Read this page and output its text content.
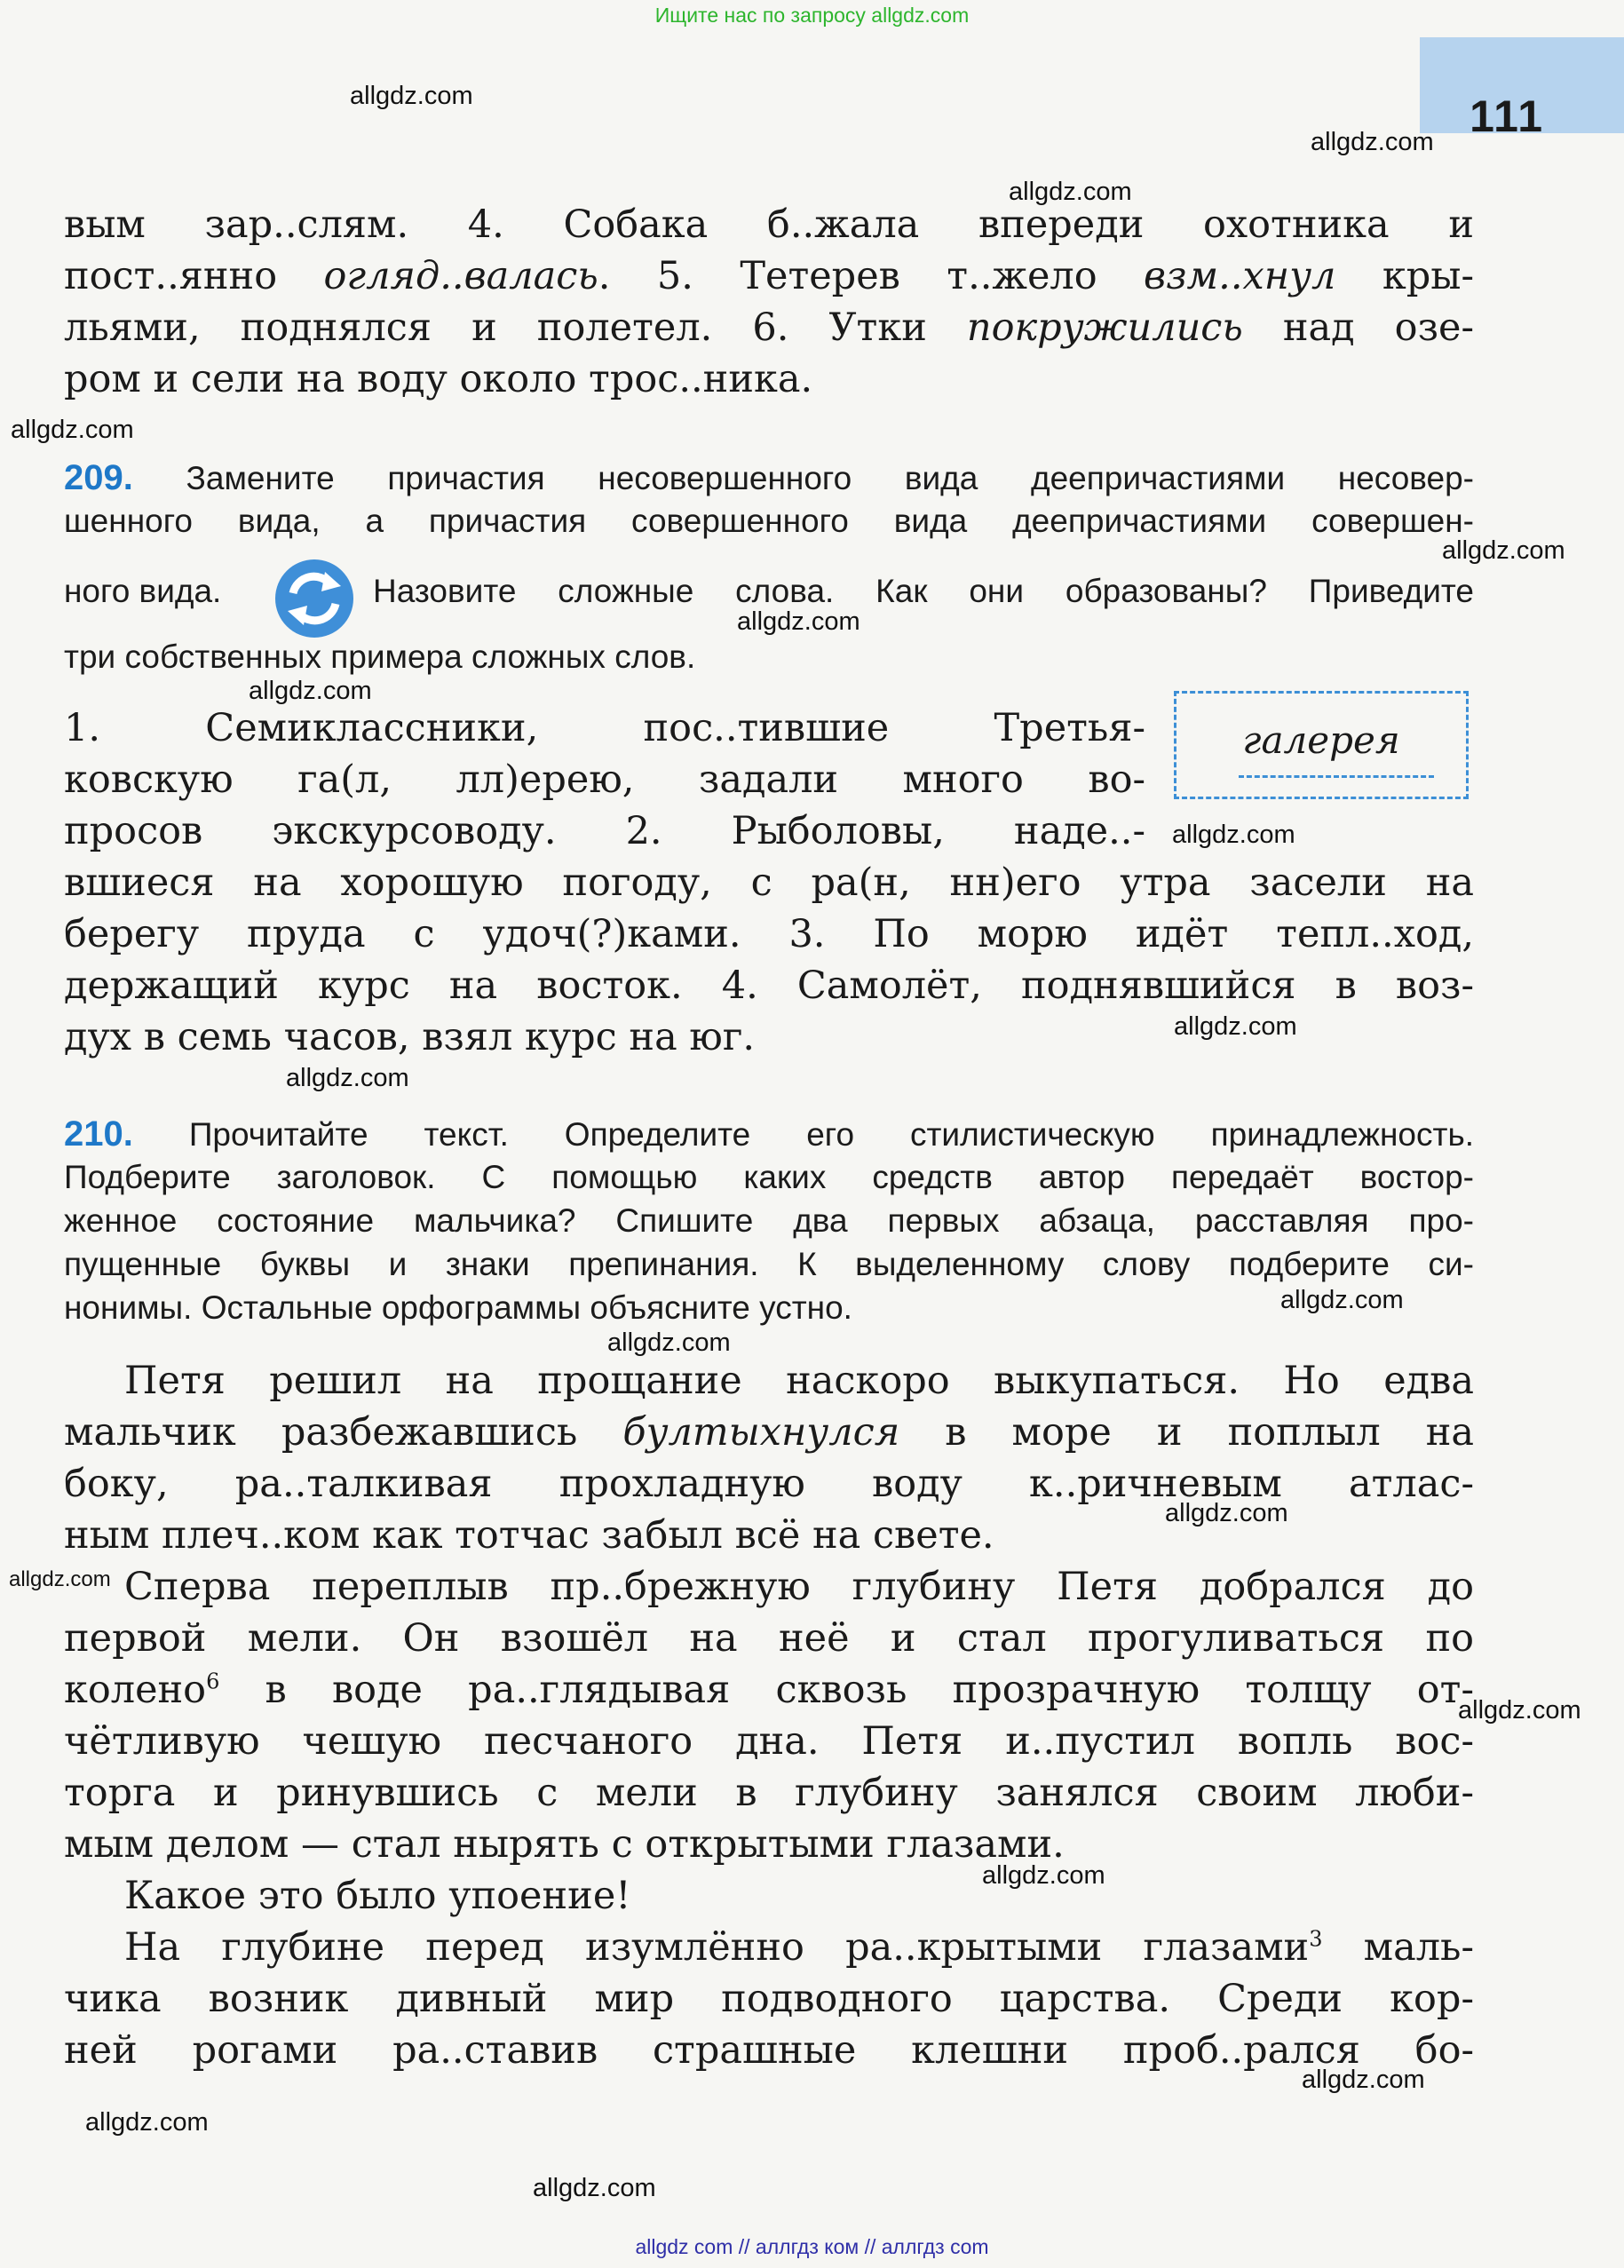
Ищите нас по запросу allgdz.com
111
вым зар..слям. 4. Собака б..жала впереди охотника и
пост..янно огляд..валась. 5. Тетерев т..жело взм..хнул кры-
льями, поднялся и полетел. 6. Утки покружились над озе-
ром и сели на воду около трос..ника.
209. Замените причастия несовершенного вида деепричастиями несовер-
шенного вида, а причастия совершенного вида деепричастиями совершен-
ного вида.	Назовите сложные слова. Как они образованы? Приведите
три собственных примера сложных слов.
галерея
1. Семиклассники, пос..тившие Третья-
ковскую га(л, лл)ерею, задали много во-
просов экскурсоводу. 2. Рыболовы, наде..-
вшиеся на хорошую погоду, с ра(н, нн)его утра засели на
берегу пруда с удоч(?)ками. 3. По морю идёт тепл..ход,
держащий курс на восток. 4. Самолёт, поднявшийся в воз-
дух в семь часов, взял курс на юг.
210. Прочитайте текст. Определите его стилистическую принадлежность.
Подберите заголовок. С помощью каких средств автор передаёт востор-
женное состояние мальчика? Спишите два первых абзаца, расставляя про-
пущенные буквы и знаки препинания. К выделенному слову подберите си-
нонимы. Остальные орфограммы объясните устно.
Петя решил на прощание наскоро выкупаться. Но едва
мальчик разбежавшись бултыхнулся в море и поплыл на
боку, ра..талкивая прохладную воду к..ричневым атлас-
ным плеч..ком как тотчас забыл всё на свете.
Сперва переплыв пр..брежную глубину Петя добрался до
первой мели. Он взошёл на неё и стал прогуливаться по
колено$^6$ в воде ра..глядывая сквозь прозрачную толщу от-
чётливую чешую песчаного дна. Петя и..пустил вопль вос-
торга и ринувшись с мели в глубину занялся своим люби-
мым делом — стал нырять с открытыми глазами.
Какое это было упоение!
На глубине перед изумлённо ра..крытыми глазами$^3$ маль-
чика возник дивный мир подводного царства. Среди кор-
ней рогами ра..ставив страшные клешни проб..рался бо-
allgdz.com
allgdz.com
allgdz.com
allgdz.com
allgdz.com
allgdz.com
allgdz.com
allgdz.com
allgdz.com
allgdz.com
allgdz.com
allgdz.com
allgdz.com
allgdz.com
allgdz.com
allgdz.com
allgdz.com
allgdz.com
allgdz.com
allgdz com // аллгдз ком // аллгдз com
